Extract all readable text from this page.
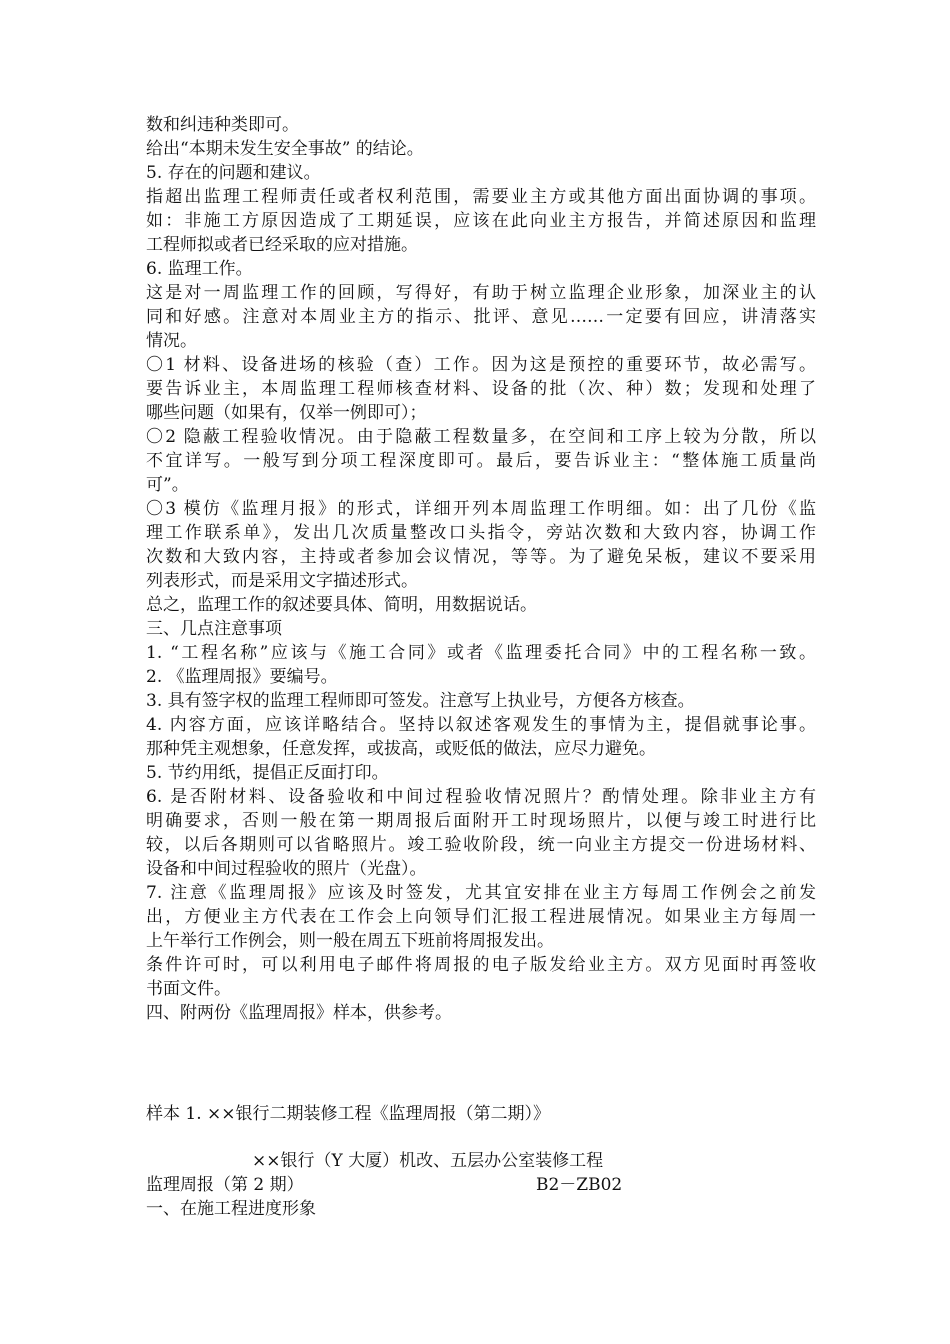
数和纠违种类即可。
给出“本期未发生安全事故” 的结论。
5. 存在的问题和建议。
指超出监理工程师责任或者权利范围，需要业主方或其他方面出面协调的事项。
如：非施工方原因造成了工期延误，应该在此向业主方报告，并简述原因和监理
工程师拟或者已经采取的应对措施。
6. 监理工作。
这是对一周监理工作的回顾，写得好，有助于树立监理企业形象，加深业主的认
同和好感。注意对本周业主方的指示、批评、意见……一定要有回应，讲清落实
情况。
〇1 材料、设备进场的核验（查）工作。因为这是预控的重要环节，故必需写。
要告诉业主，本周监理工程师核查材料、设备的批（次、种）数；发现和处理了
哪些问题（如果有，仅举一例即可）；
〇2 隐蔽工程验收情况。由于隐蔽工程数量多，在空间和工序上较为分散，所以
不宜详写。一般写到分项工程深度即可。最后，要告诉业主：“整体施工质量尚
可”。
〇3 模仿《监理月报》的形式，详细开列本周监理工作明细。如：出了几份《监
理工作联系单》，发出几次质量整改口头指令，旁站次数和大致内容，协调工作
次数和大致内容，主持或者参加会议情况，等等。为了避免呆板，建议不要采用
列表形式，而是采用文字描述形式。
总之，监理工作的叙述要具体、简明，用数据说话。
三、几点注意事项
1. “工程名称”应该与《施工合同》或者《监理委托合同》中的工程名称一致。
2. 《监理周报》要编号。
3. 具有签字权的监理工程师即可签发。注意写上执业号，方便各方核查。
4. 内容方面，应该详略结合。坚持以叙述客观发生的事情为主，提倡就事论事。
那种凭主观想象，任意发挥，或拔高，或贬低的做法，应尽力避免。
5. 节约用纸，提倡正反面打印。
6. 是否附材料、设备验收和中间过程验收情况照片？酌情处理。除非业主方有
明确要求，否则一般在第一期周报后面附开工时现场照片，以便与竣工时进行比
较，以后各期则可以省略照片。竣工验收阶段，统一向业主方提交一份进场材料、
设备和中间过程验收的照片（光盘）。
7. 注意《监理周报》应该及时签发，尤其宜安排在业主方每周工作例会之前发
出，方便业主方代表在工作会上向领导们汇报工程进展情况。如果业主方每周一
上午举行工作例会，则一般在周五下班前将周报发出。
条件许可时，可以利用电子邮件将周报的电子版发给业主方。双方见面时再签收
书面文件。
四、附两份《监理周报》样本，供参考。
样本 1. ××银行二期装修工程《监理周报（第二期）》
××银行（Y 大厦）机改、五层办公室装修工程
监理周报（第 2 期）	B2－ZB02
一、在施工程进度形象
